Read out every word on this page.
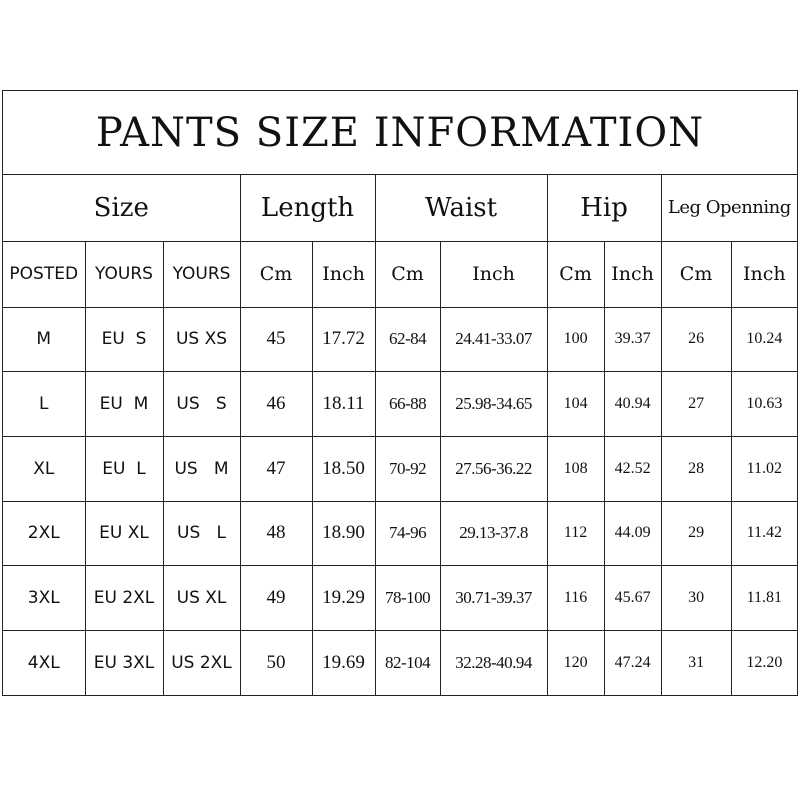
PANTS SIZE INFORMATION
Size			Length		Waist		Hip		Leg Openning	
POSTED	YOURS	YOURS	Cm	Inch	Cm	Inch	Cm	Inch	Cm	Inch
M	EU  S	US XS	45	17.72	62-84	24.41-33.07	100	39.37	26	10.24
L	EU  M	US   S	46	18.11	66-88	25.98-34.65	104	40.94	27	10.63
XL	EU  L	US   M	47	18.50	70-92	27.56-36.22	108	42.52	28	11.02
2XL	EU XL	US   L	48	18.90	74-96	29.13-37.8	112	44.09	29	11.42
3XL	EU 2XL	US XL	49	19.29	78-100	30.71-39.37	116	45.67	30	11.81
4XL	EU 3XL	US 2XL	50	19.69	82-104	32.28-40.94	120	47.24	31	12.20
